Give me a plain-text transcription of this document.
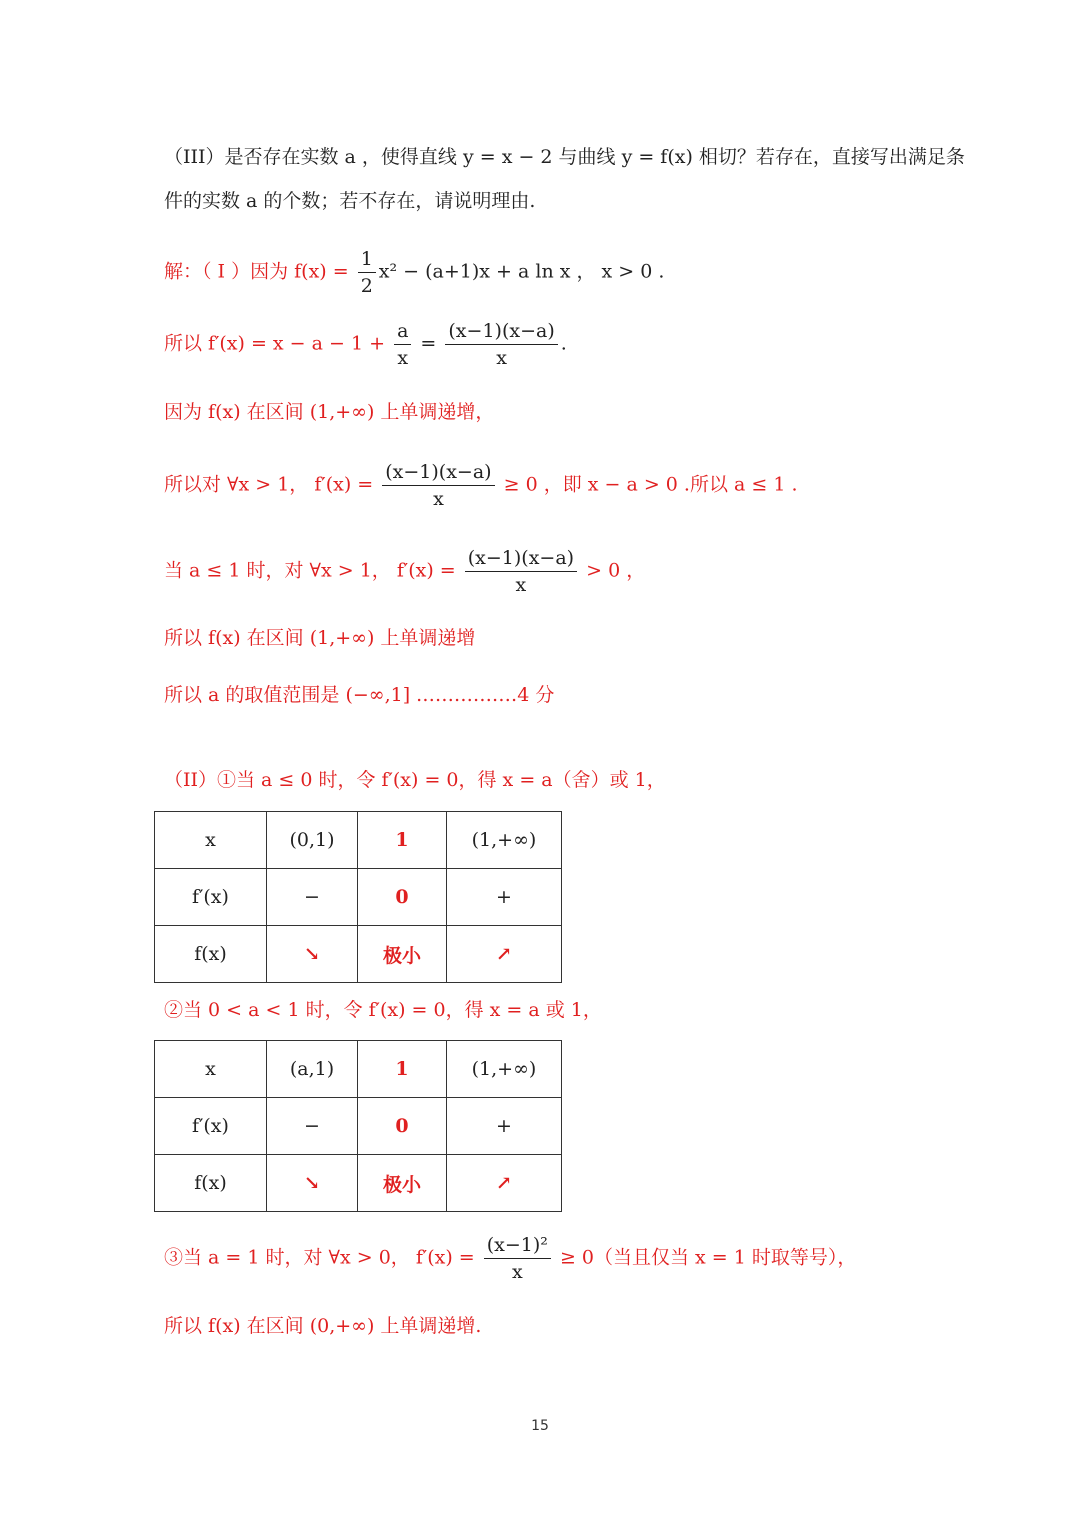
（III）是否存在实数 a ，使得直线 y = x − 2 与曲线 y = f(x) 相切？若存在，直接写出满足条
件的实数 a 的个数；若不存在，请说明理由.
解：（ I ）因为 $f(x) = \frac{1}{2} x^2 - (a+1)x + a$ ln x ， x > 0 .
所以 $f'(x) = x - a - 1 + \frac{a}{x} = \frac{(x-1)(x-a)}{x}$ .
因为 f(x) 在区间 (1,+∞) 上单调递增，
所以对 ∀x > 1， $f'(x) = \frac{(x-1)(x-a)}{x} \ge 0$ ，即 x − a > 0 .所以 a ≤ 1 .
当 a ≤ 1 时，对 ∀x > 1， $f'(x) = \frac{(x-1)(x-a)}{x} > 0$ ，
所以 f(x) 在区间 (1,+∞) 上单调递增
所以 a 的取值范围是 (−∞,1] .……………4 分
（II）①当 a ≤ 0 时，令 f′(x) = 0，得 x = a（舍）或 1，
x	(0,1)	1	(1,+∞)
f′(x)	−	0	+
f(x)	↘	极小	↗
②当 0 < a < 1 时，令 f′(x) = 0，得 x = a 或 1，
x	(a,1)	1	(1,+∞)
f′(x)	−	0	+
f(x)	↘	极小	↗
③当 a = 1 时，对 ∀x > 0， $f'(x) = \frac{\text{(x−1)²}}{x} \ge 0$（当且仅当 x = 1 时取等号），
所以 f(x) 在区间 (0,+∞) 上单调递增.
15
